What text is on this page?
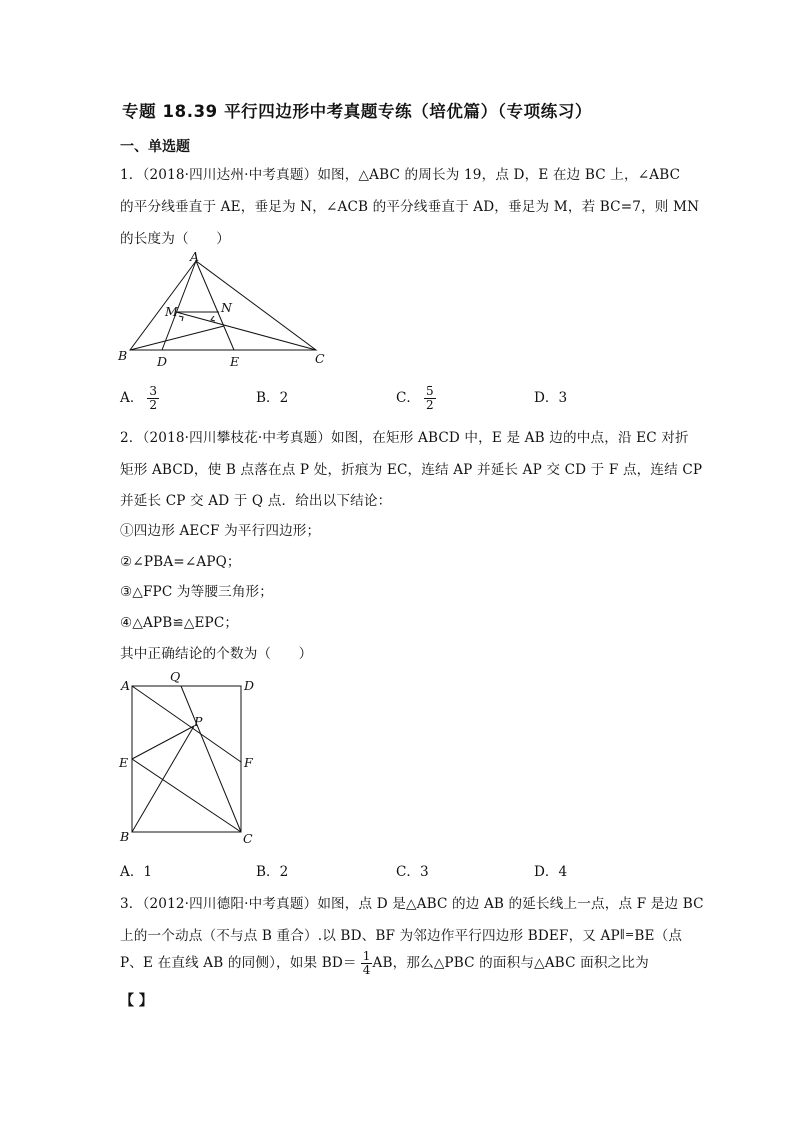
专题 18.39 平行四边形中考真题专练（培优篇）（专项练习）
一、单选题
1．（2018·四川达州·中考真题）如图，△ABC 的周长为 19，点 D，E 在边 BC 上，∠ABC
的平分线垂直于 AE，垂足为 N，∠ACB 的平分线垂直于 AD，垂足为 M，若 BC=7，则 MN
的长度为（　　）
A
B	C
D	E
M	N
A． $\frac{3}{2}$	B．2	C． $\frac{5}{2}$	D．3
2．（2018·四川攀枝花·中考真题）如图，在矩形 ABCD 中，E 是 AB 边的中点，沿 EC 对折
矩形 ABCD，使 B 点落在点 P 处，折痕为 EC，连结 AP 并延长 AP 交 CD 于 F 点，连结 CP
并延长 CP 交 AD 于 Q 点．给出以下结论：
①四边形 AECF 为平行四边形；
②∠PBA=∠APQ；
③△FPC 为等腰三角形；
④△APB≌△EPC；
其中正确结论的个数为（　　）
A
Q
D
P
E	F
B	C
A．1	B．2	C．3	D．4
3．（2012·四川德阳·中考真题）如图，点 D 是△ABC 的边 AB 的延长线上一点，点 F 是边 BC
上的一个动点（不与点 B 重合）.以 BD、BF 为邻边作平行四边形 BDEF，又 AP∥=BE（点
P、E 在直线 AB 的同侧），如果 $BD= \frac{1}{4}$ AB，那么△PBC 的面积与△ABC 面积之比为
【 】
